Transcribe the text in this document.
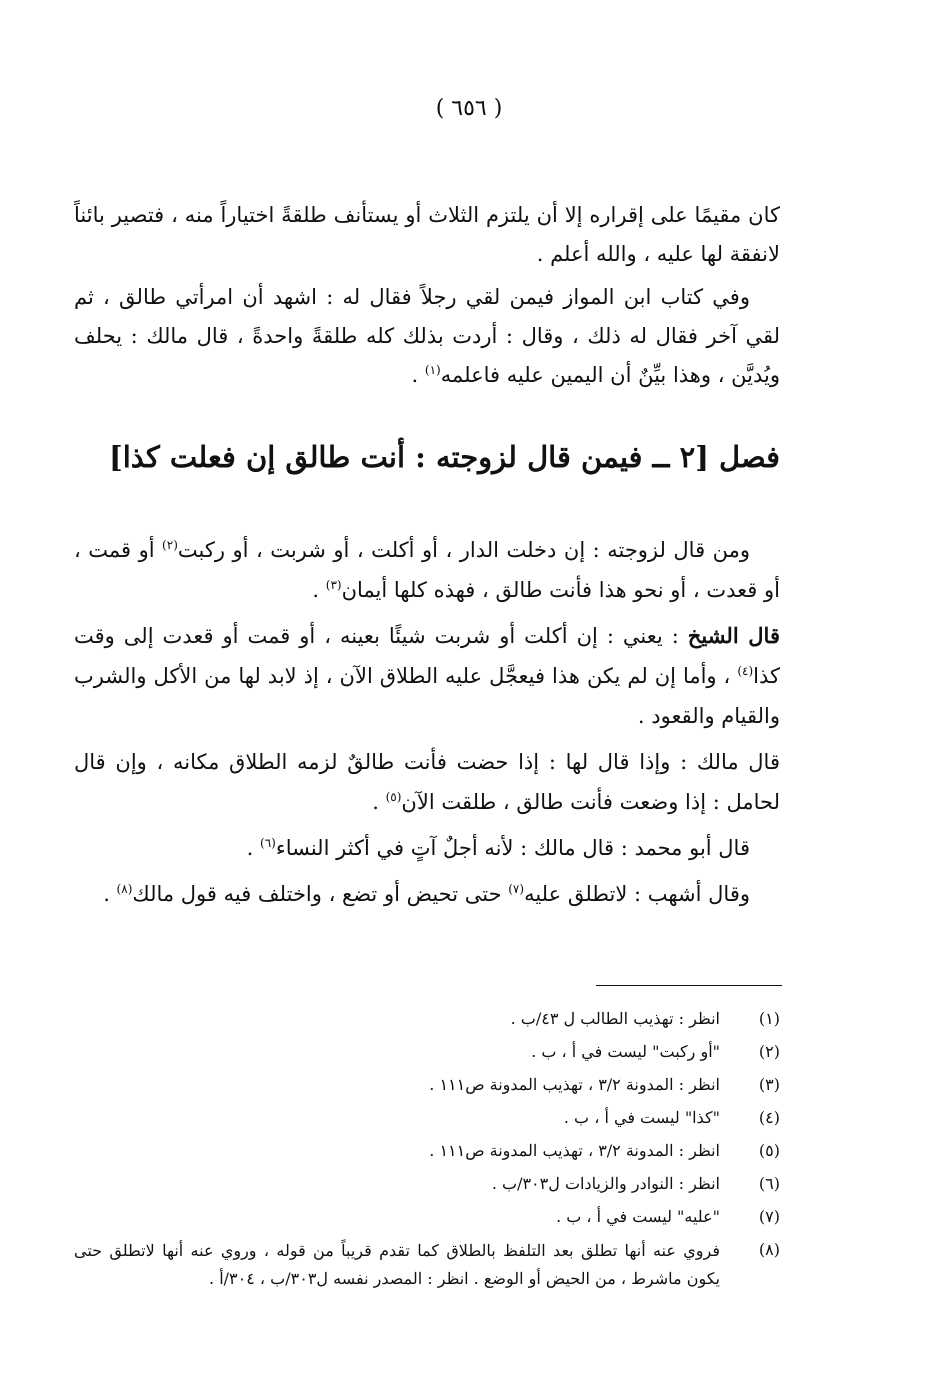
( ٦٥٦ )

كان مقيمًا على إقراره إلا أن يلتزم الثلاث أو يستأنف طلقةً اختياراً منه ، فتصير بائناً لانفقة لها عليه ، والله أعلم .

وفي كتاب ابن المواز فيمن لقي رجلاً فقال له : اشهد أن امرأتي طالق ، ثم لقي آخر فقال له ذلك ، وقال : أردت بذلك كله طلقةً واحدةً ، قال مالك : يحلف ويُديَّن ، وهذا بيِّنٌ أن اليمين عليه فاعلمه$^{(١)}$ .

فصل [٢ ــ فيمن قال لزوجته : أنت طالق إن فعلت كذا]

ومن قال لزوجته : إن دخلت الدار ، أو أكلت ، أو شربت ، أو ركبت$^{(٢)}$ أو قمت ، أو قعدت ، أو نحو هذا فأنت طالق ، فهذه كلها أيمان$^{(٣)}$ .

قال الشيخ : يعني : إن أكلت أو شربت شيئًا بعينه ، أو قمت أو قعدت إلى وقت كذا$^{(٤)}$ ، وأما إن لم يكن هذا فيعجَّل عليه الطلاق الآن ، إذ لابد لها من الأكل والشرب والقيام والقعود .

قال مالك : وإذا قال لها : إذا حضت فأنت طالقٌ لزمه الطلاق مكانه ، وإن قال لحامل : إذا وضعت فأنت طالق ، طلقت الآن$^{(٥)}$ .

قال أبو محمد : قال مالك : لأنه أجلٌ آتٍ في أكثر النساء$^{(٦)}$ .

وقال أشهب : لاتطلق عليه$^{(٧)}$ حتى تحيض أو تضع ، واختلف فيه قول مالك$^{(٨)}$ .

(١)
انظر : تهذيب الطالب ل ٤٣/ب .
(٢)
"أو ركبت" ليست في أ ، ب .
(٣)
انظر : المدونة ٣/٢ ، تهذيب المدونة ص١١١ .
(٤)
"كذا" ليست في أ ، ب .
(٥)
انظر : المدونة ٣/٢ ، تهذيب المدونة ص١١١ .
(٦)
انظر : النوادر والزيادات ل٣٠٣/ب .
(٧)
"عليه" ليست في أ ، ب .
(٨)
فروي عنه أنها تطلق بعد التلفظ بالطلاق كما تقدم قريباً من قوله ، وروي عنه أنها لاتطلق حتى يكون ماشرط ، من الحيض أو الوضع . انظر : المصدر نفسه ل٣٠٣/ب ، ٣٠٤/أ .
